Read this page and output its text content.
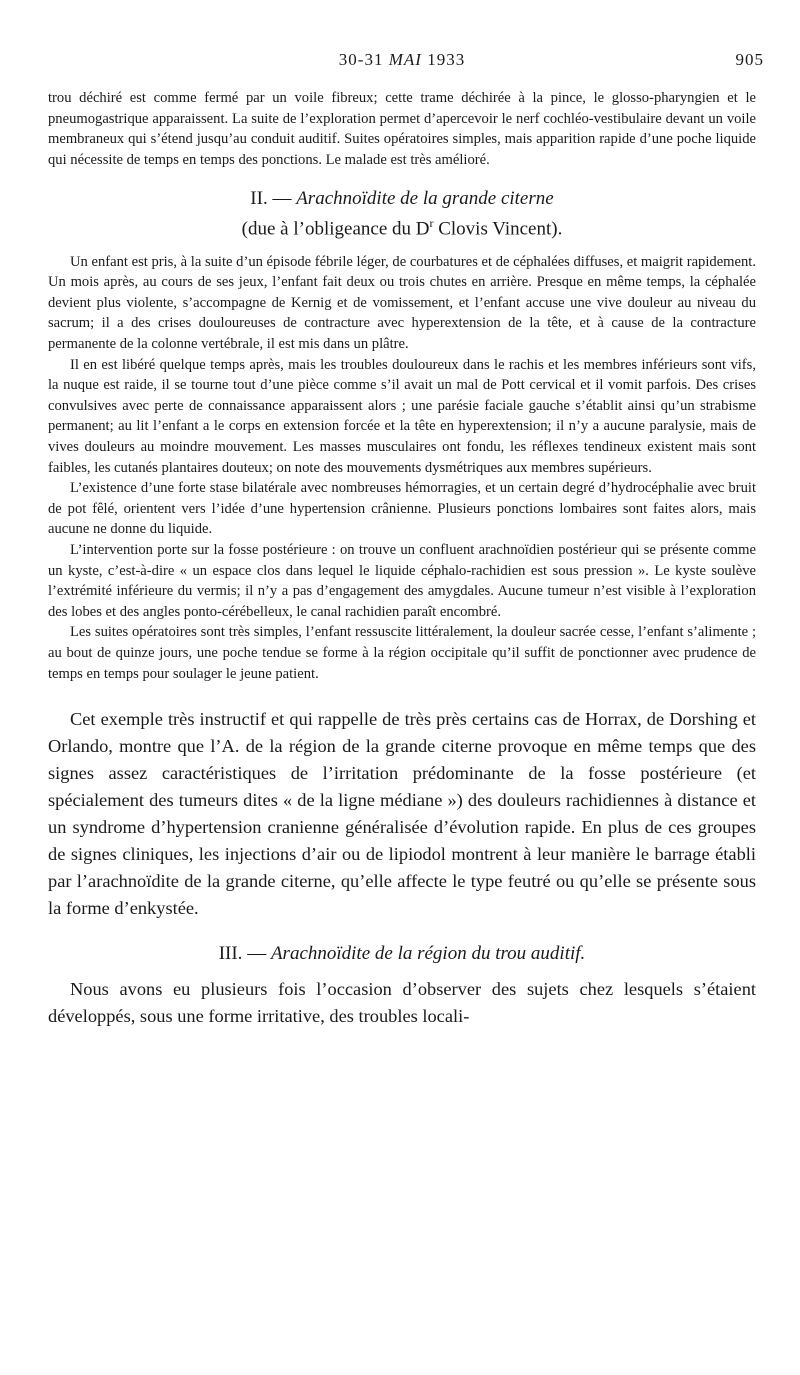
30-31 MAI 1933	905

trou déchiré est comme fermé par un voile fibreux; cette trame déchirée à la pince, le glosso-pharyngien et le pneumogastrique apparaissent. La suite de l’exploration permet d’apercevoir le nerf cochléo-vestibulaire devant un voile membraneux qui s’étend jusqu’au conduit auditif. Suites opératoires simples, mais apparition rapide d’une poche liquide qui nécessite de temps en temps des ponctions. Le malade est très amélioré.

II. — Arachnoïdite de la grande citerne
(due à l’obligeance du $D^r$ Clovis Vincent).

Un enfant est pris, à la suite d’un épisode fébrile léger, de courbatures et de céphalées diffuses, et maigrit rapidement. Un mois après, au cours de ses jeux, l’enfant fait deux ou trois chutes en arrière. Presque en même temps, la céphalée devient plus violente, s’accompagne de Kernig et de vomissement, et l’enfant accuse une vive douleur au niveau du sacrum; il a des crises douloureuses de contracture avec hyperextension de la tête, et à cause de la contracture permanente de la colonne vertébrale, il est mis dans un plâtre.

Il en est libéré quelque temps après, mais les troubles douloureux dans le rachis et les membres inférieurs sont vifs, la nuque est raide, il se tourne tout d’une pièce comme s’il avait un mal de Pott cervical et il vomit parfois. Des crises convulsives avec perte de connaissance apparaissent alors ; une parésie faciale gauche s’établit ainsi qu’un strabisme permanent; au lit l’enfant a le corps en extension forcée et la tête en hyperextension; il n’y a aucune paralysie, mais de vives douleurs au moindre mouvement. Les masses musculaires ont fondu, les réflexes tendineux existent mais sont faibles, les cutanés plantaires douteux; on note des mouvements dysmétriques aux membres supérieurs.

L’existence d’une forte stase bilatérale avec nombreuses hémorragies, et un certain degré d’hydrocéphalie avec bruit de pot fêlé, orientent vers l’idée d’une hypertension crânienne. Plusieurs ponctions lombaires sont faites alors, mais aucune ne donne du liquide.

L’intervention porte sur la fosse postérieure : on trouve un confluent arachnoïdien postérieur qui se présente comme un kyste, c’est-à-dire « un espace clos dans lequel le liquide céphalo-rachidien est sous pression ». Le kyste soulève l’extrémité inférieure du vermis; il n’y a pas d’engagement des amygdales. Aucune tumeur n’est visible à l’exploration des lobes et des angles ponto-cérébelleux, le canal rachidien paraît encombré.

Les suites opératoires sont très simples, l’enfant ressuscite littéralement, la douleur sacrée cesse, l’enfant s’alimente ; au bout de quinze jours, une poche tendue se forme à la région occipitale qu’il suffit de ponctionner avec prudence de temps en temps pour soulager le jeune patient.

Cet exemple très instructif et qui rappelle de très près certains cas de Horrax, de Dorshing et Orlando, montre que l’A. de la région de la grande citerne provoque en même temps que des signes assez caractéristiques de l’irritation prédominante de la fosse postérieure (et spécialement des tumeurs dites « de la ligne médiane ») des douleurs rachidiennes à distance et un syndrome d’hypertension cranienne généralisée d’évolution rapide. En plus de ces groupes de signes cliniques, les injections d’air ou de lipiodol montrent à leur manière le barrage établi par l’arachnoïdite de la grande citerne, qu’elle affecte le type feutré ou qu’elle se présente sous la forme d’enkystée.

III. — Arachnoïdite de la région du trou auditif.

Nous avons eu plusieurs fois l’occasion d’observer des sujets chez lesquels s’étaient développés, sous une forme irritative, des troubles locali-
